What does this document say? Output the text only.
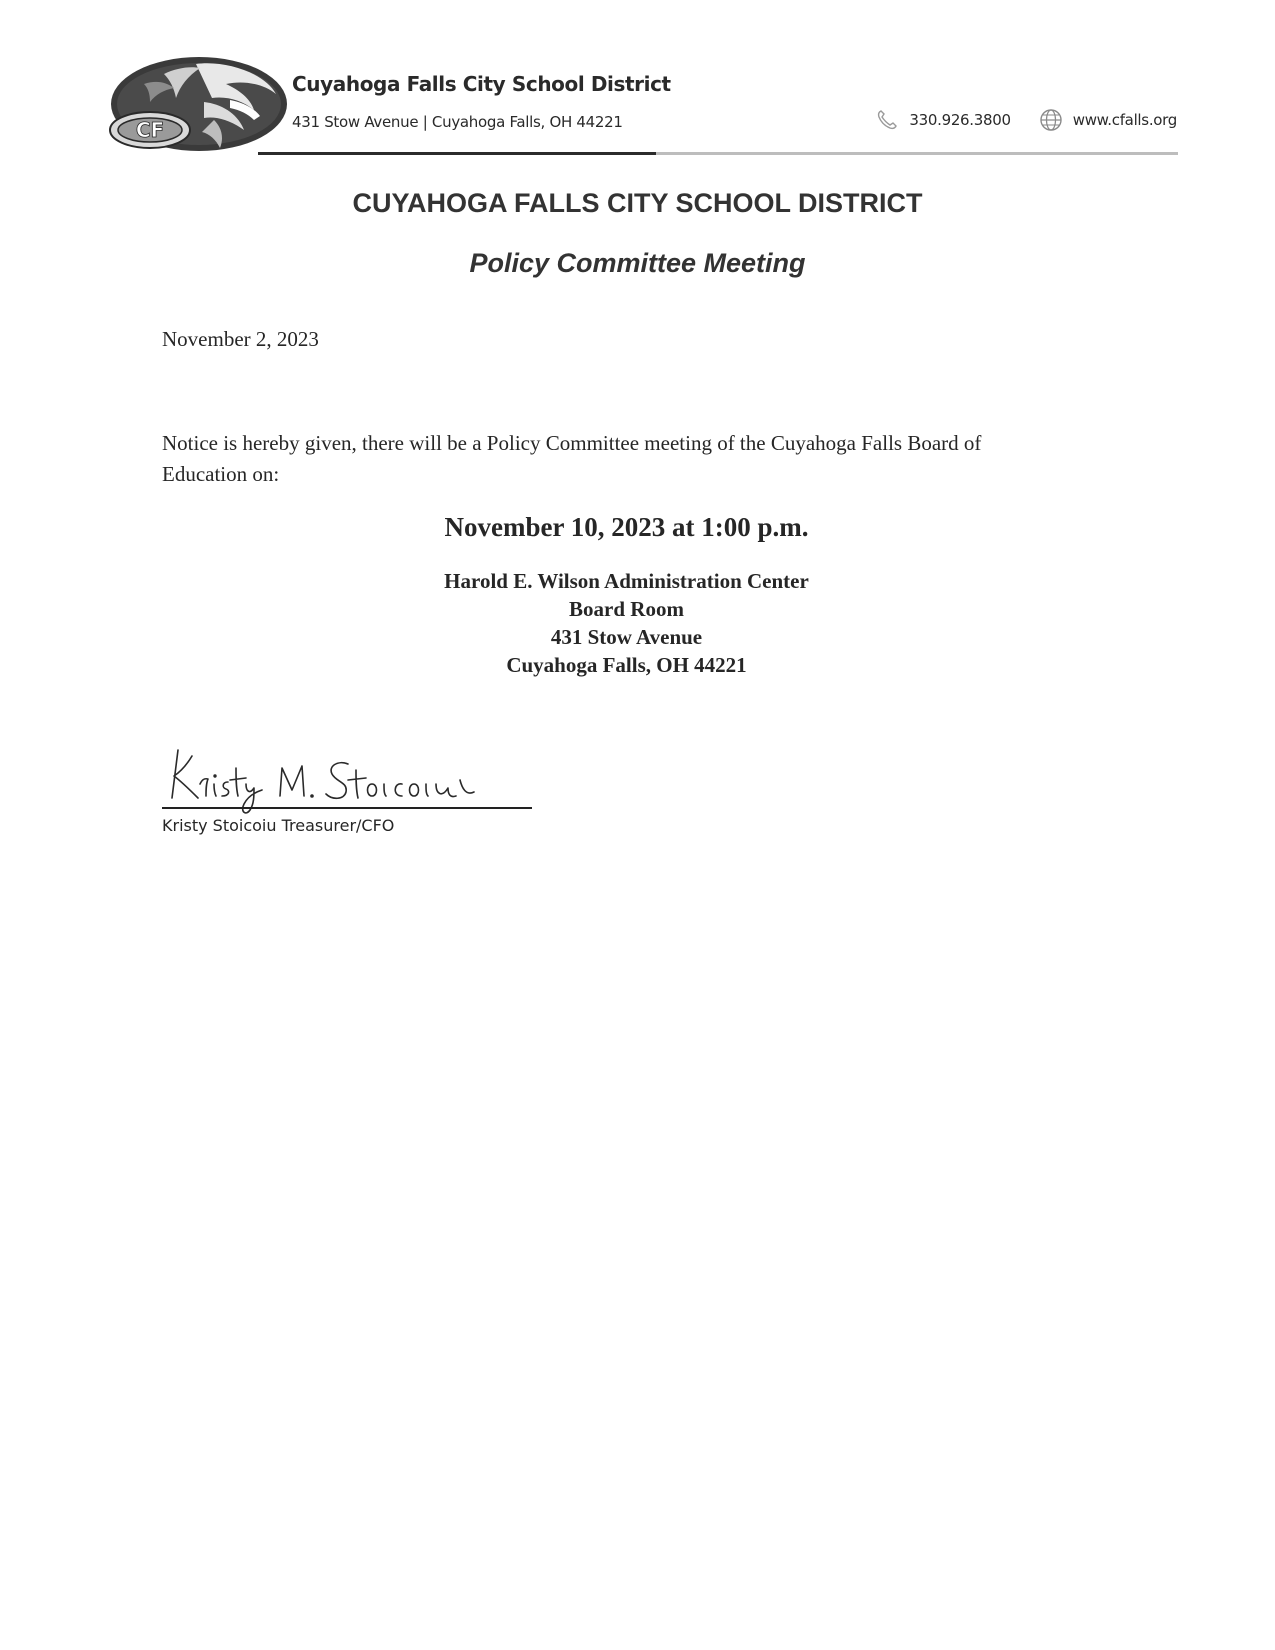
CF
Cuyahoga Falls City School District
431 Stow Avenue | Cuyahoga Falls, OH 44221	330.926.3800	www.cfalls.org
CUYAHOGA FALLS CITY SCHOOL DISTRICT
Policy Committee Meeting
November 2, 2023
Notice is hereby given, there will be a Policy Committee meeting of the Cuyahoga Falls Board of Education on:
November 10, 2023 at 1:00 p.m.
Harold E. Wilson Administration Center
Board Room
431 Stow Avenue
Cuyahoga Falls, OH 44221
Kristy Stoicoiu Treasurer/CFO
